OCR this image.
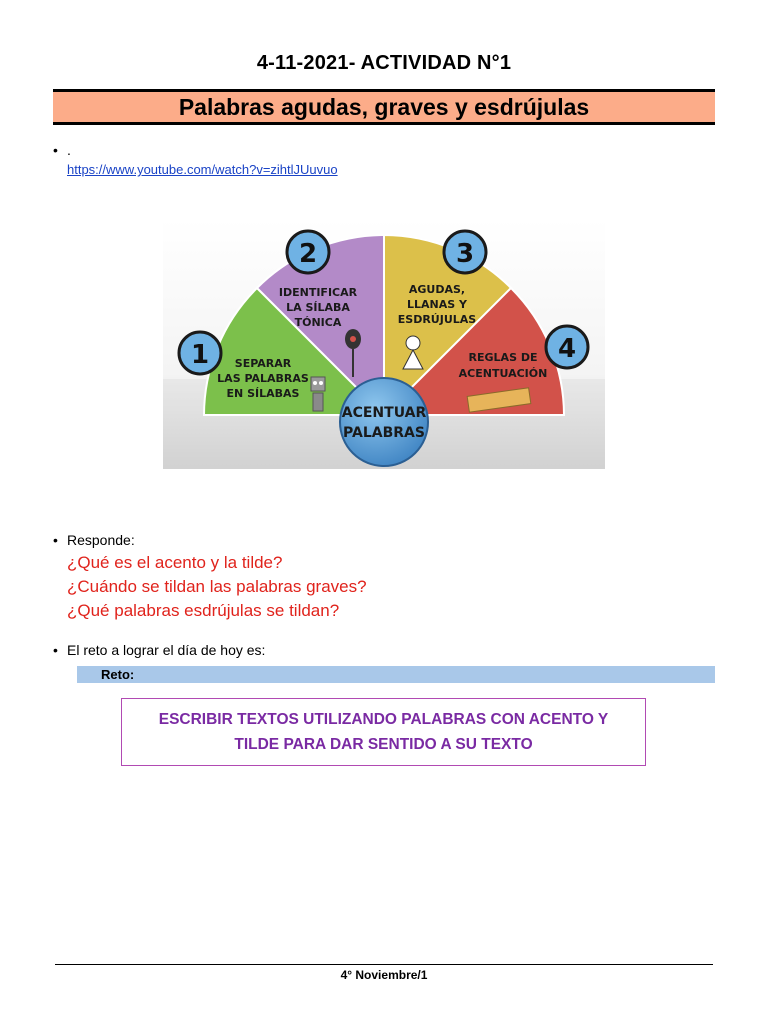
4-11-2021- ACTIVIDAD N°1
Palabras agudas, graves y esdrújulas
• .
https://www.youtube.com/watch?v=zihtlJUuvuo
SEPARAR
LAS PALABRAS
EN SÍLABAS
IDENTIFICAR
LA SÍLABA
TÓNICA
AGUDAS,
LLANAS Y
ESDRÚJULAS
REGLAS DE
ACENTUACIÓN
1
2	3
4
ACENTUAR
PALABRAS
• Responde:
¿Qué es el acento y la tilde?
¿Cuándo se tildan las palabras graves?
¿Qué palabras esdrújulas se tildan?
• El reto a lograr el día de hoy es:
Reto:
ESCRIBIR TEXTOS UTILIZANDO PALABRAS CON ACENTO Y
TILDE PARA DAR SENTIDO A SU TEXTO
4° Noviembre/1
